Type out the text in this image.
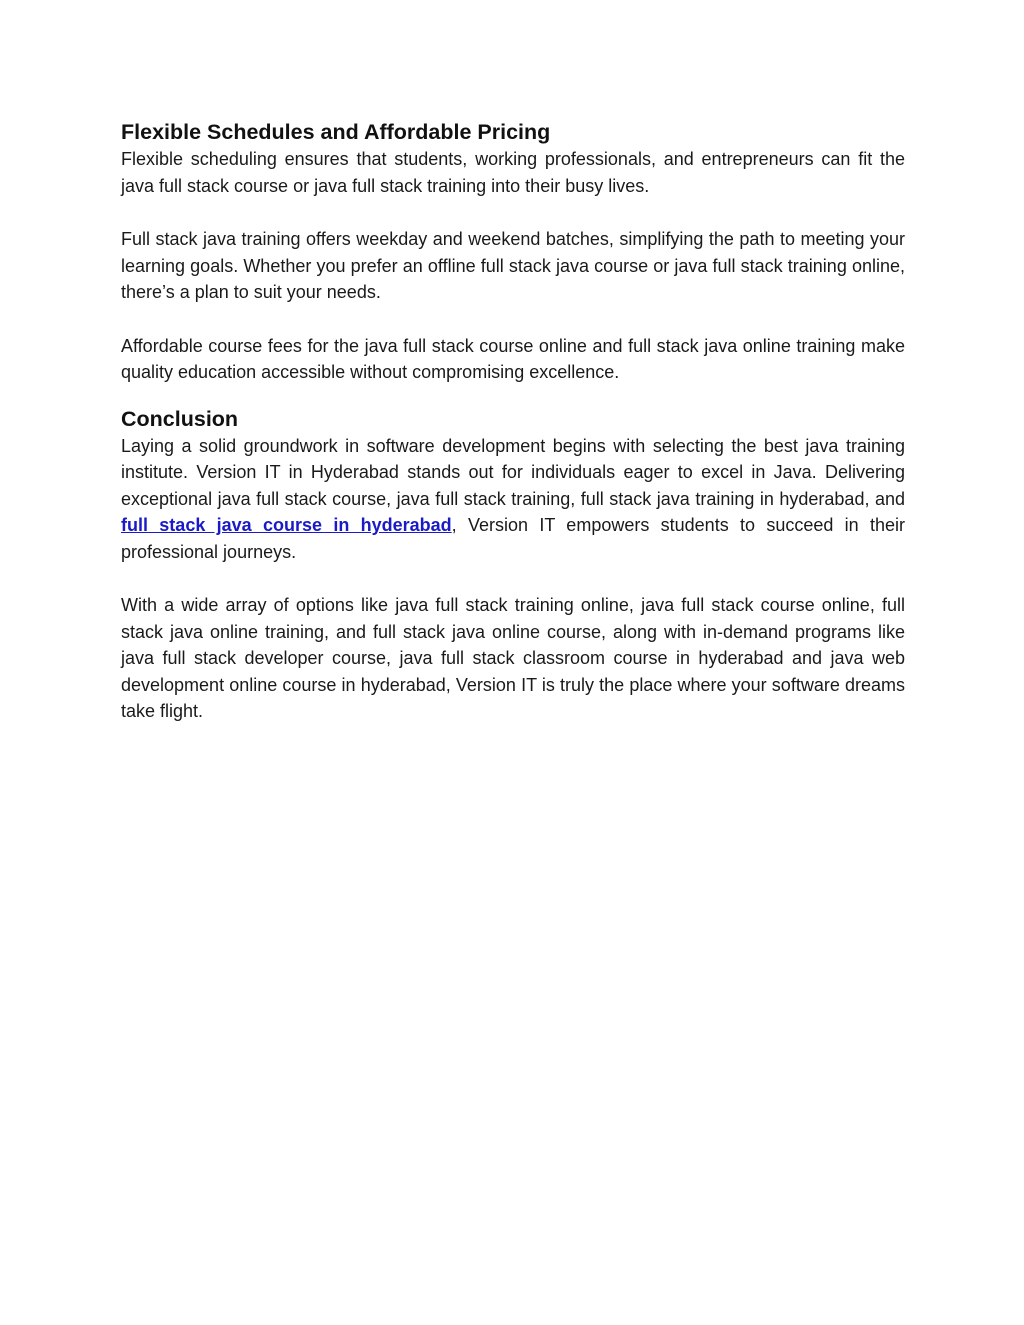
Flexible Schedules and Affordable Pricing

Flexible scheduling ensures that students, working professionals, and entrepreneurs can fit the java full stack course or java full stack training into their busy lives.

Full stack java training offers weekday and weekend batches, simplifying the path to meeting your learning goals. Whether you prefer an offline full stack java course or java full stack training online, there’s a plan to suit your needs.

Affordable course fees for the java full stack course online and full stack java online training make quality education accessible without compromising excellence.

Conclusion

Laying a solid groundwork in software development begins with selecting the best java training institute. Version IT in Hyderabad stands out for individuals eager to excel in Java. Delivering exceptional java full stack course, java full stack training, full stack java training in hyderabad, and full stack java course in hyderabad, Version IT empowers students to succeed in their professional journeys.

With a wide array of options like java full stack training online, java full stack course online, full stack java online training, and full stack java online course, along with in-demand programs like java full stack developer course, java full stack classroom course in hyderabad and java web development online course in hyderabad, Version IT is truly the place where your software dreams take flight.
